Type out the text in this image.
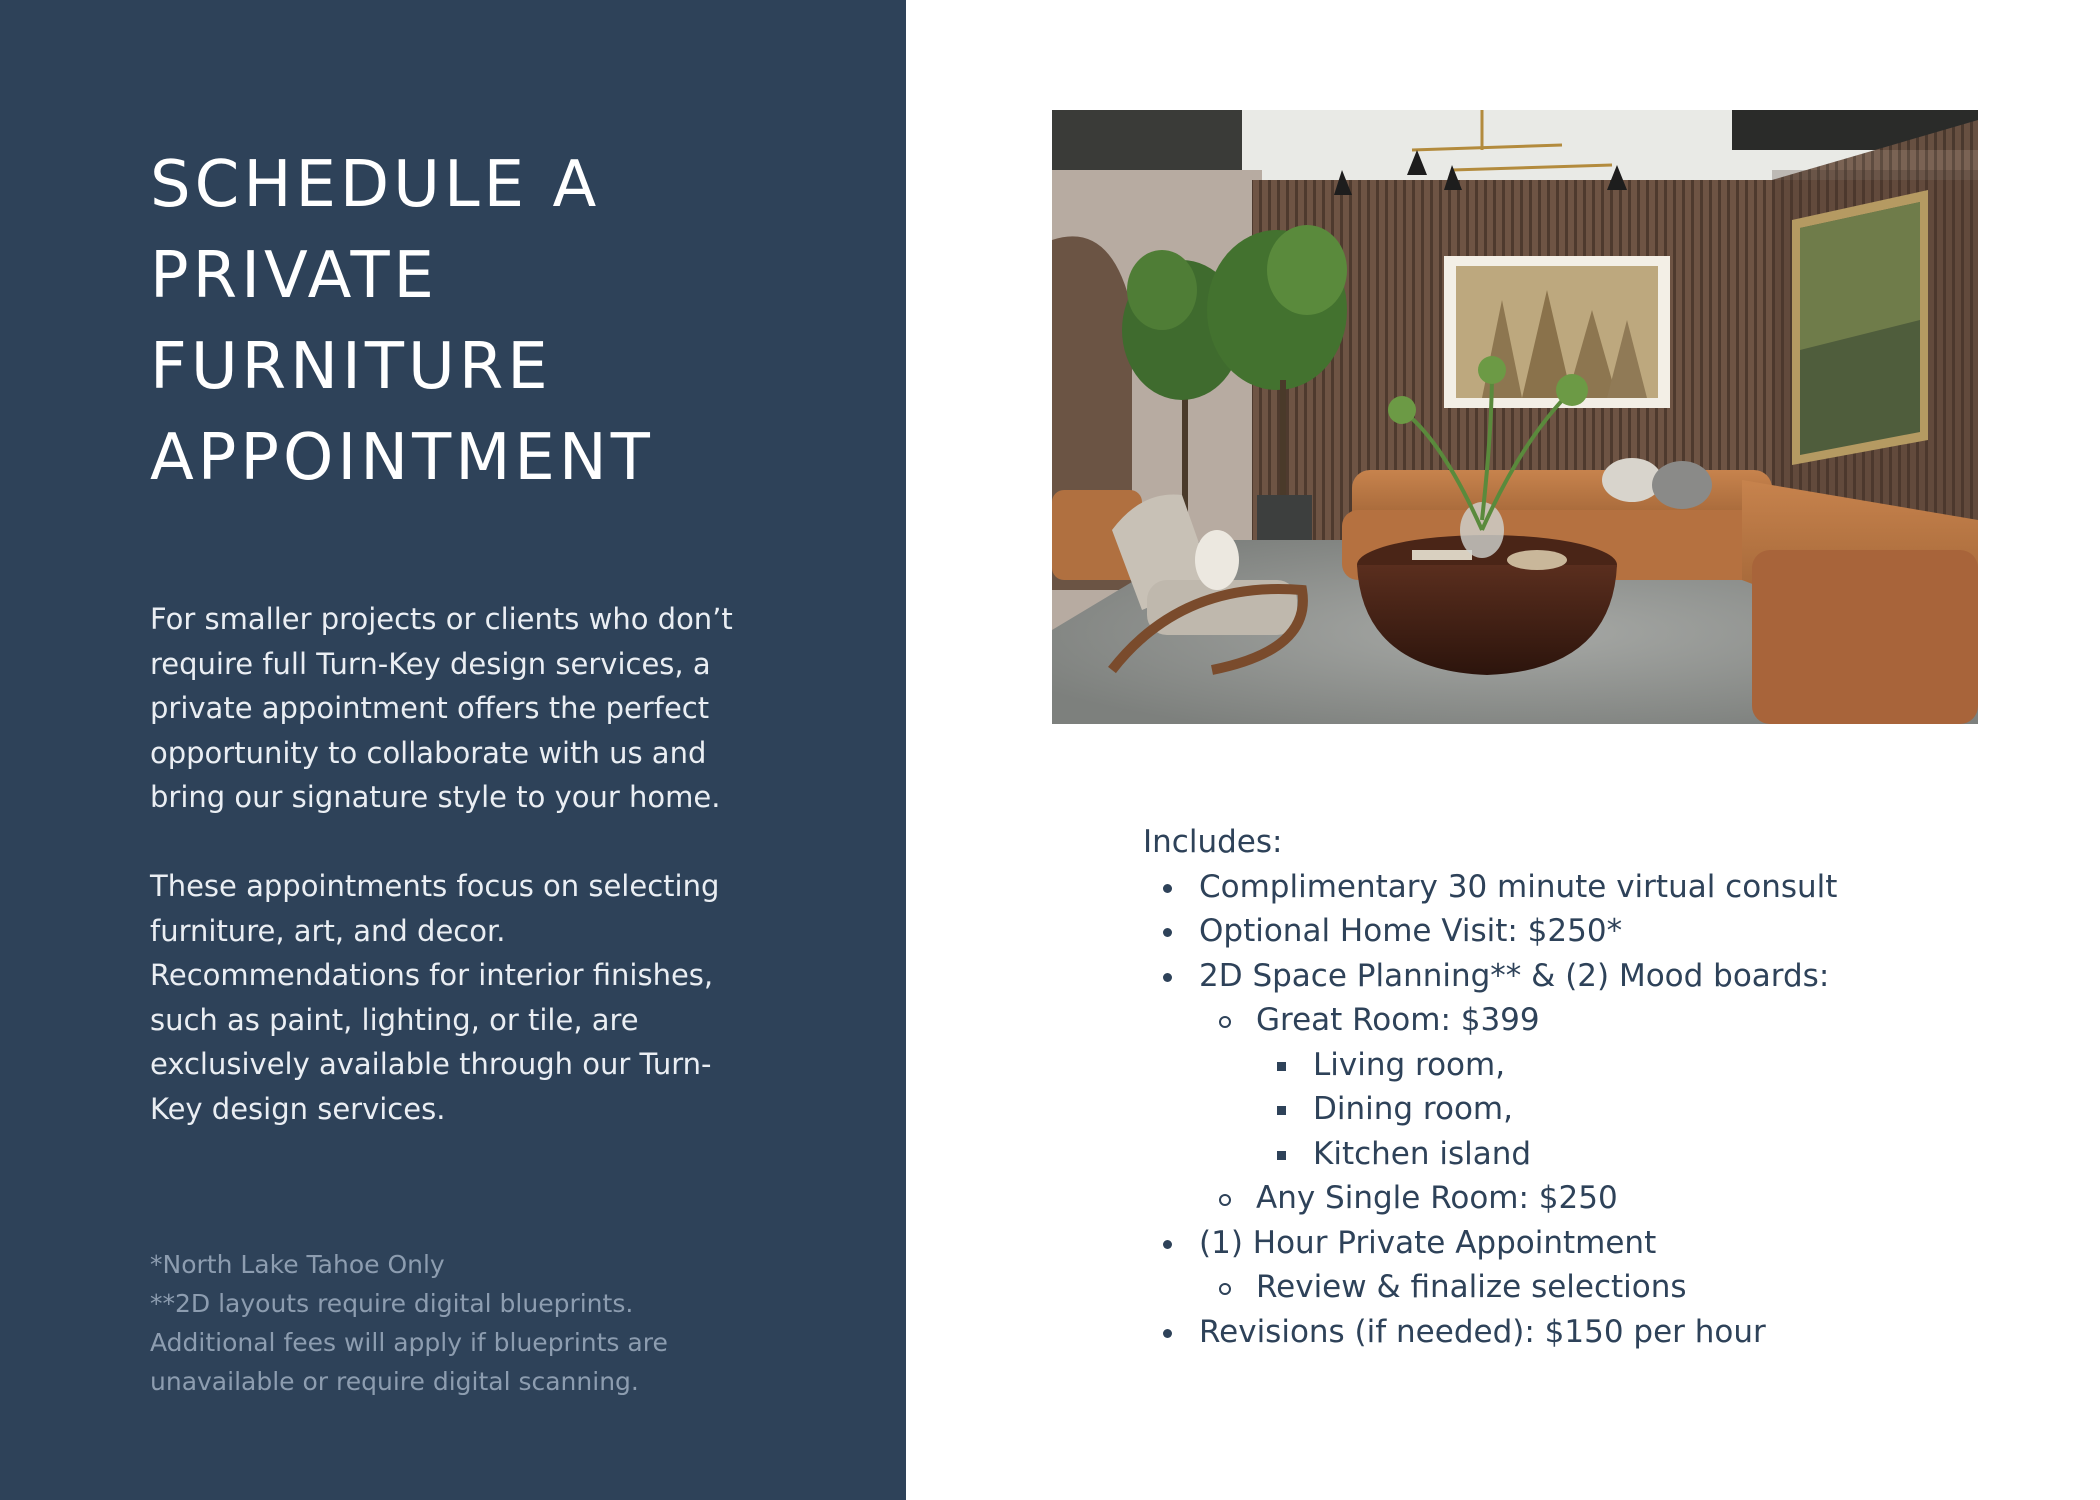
SCHEDULE A
PRIVATE
FURNITURE
APPOINTMENT

For smaller projects or clients who don’t
require full Turn-Key design services, a
private appointment offers the perfect
opportunity to collaborate with us and
bring our signature style to your home.

These appointments focus on selecting
furniture, art, and decor.
Recommendations for interior finishes,
such as paint, lighting, or tile, are
exclusively available through our Turn-
Key design services.

*North Lake Tahoe Only
**2D layouts require digital blueprints.
Additional fees will apply if blueprints are
unavailable or require digital scanning.
Includes:
Complimentary 30 minute virtual consult
Optional Home Visit: $250*
2D Space Planning** & (2) Mood boards:
Great Room: $399
Living room,
Dining room,
Kitchen island
Any Single Room: $250
(1) Hour Private Appointment
Review & finalize selections
Revisions (if needed): $150 per hour
